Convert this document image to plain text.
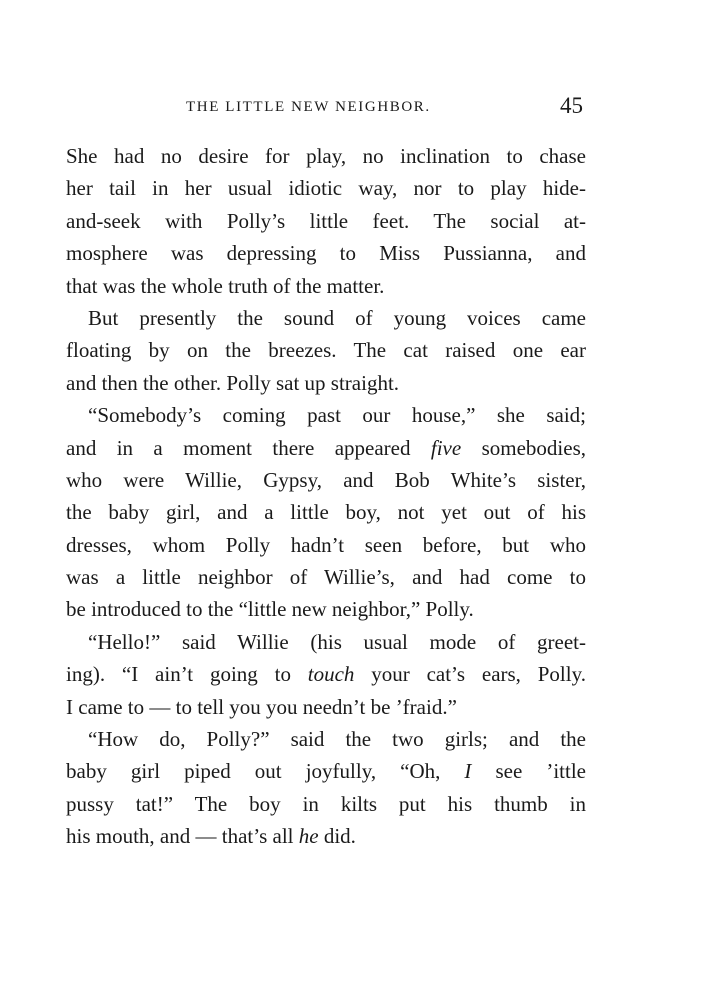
THE LITTLE NEW NEIGHBOR.	45
She had no desire for play, no inclination to chase
her tail in her usual idiotic way, nor to play hide-
and-seek with Polly’s little feet. The social at-
mosphere was depressing to Miss Pussianna, and
that was the whole truth of the matter.
But presently the sound of young voices came
floating by on the breezes. The cat raised one ear
and then the other. Polly sat up straight.
“Somebody’s coming past our house,” she said;
and in a moment there appeared five somebodies,
who were Willie, Gypsy, and Bob White’s sister,
the baby girl, and a little boy, not yet out of his
dresses, whom Polly hadn’t seen before, but who
was a little neighbor of Willie’s, and had come to
be introduced to the “little new neighbor,” Polly.
“Hello!” said Willie (his usual mode of greet-
ing). “I ain’t going to touch your cat’s ears, Polly.
I came to — to tell you you needn’t be ’fraid.”
“How do, Polly?” said the two girls; and the
baby girl piped out joyfully, “Oh, I see ’ittle
pussy tat!” The boy in kilts put his thumb in
his mouth, and — that’s all he did.
